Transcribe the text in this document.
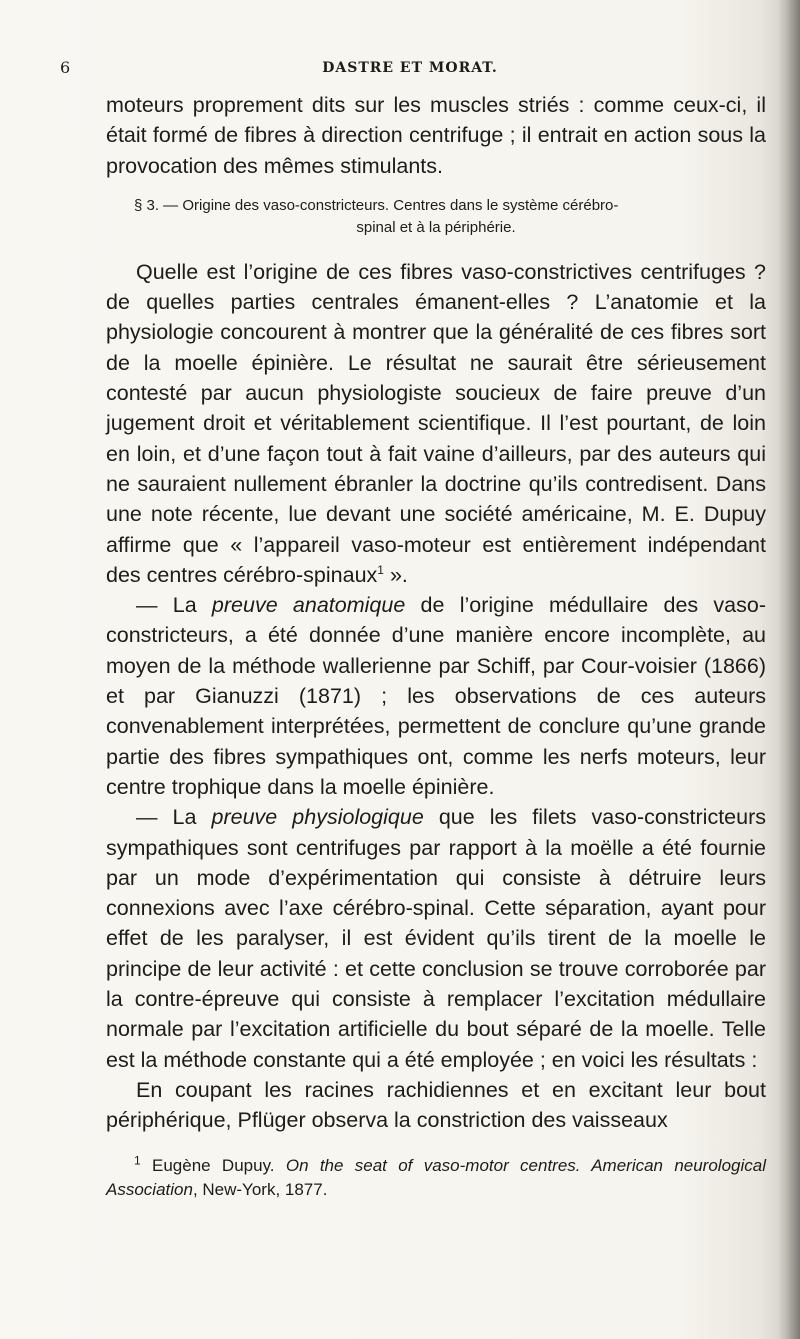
6	DASTRE ET MORAT.

moteurs proprement dits sur les muscles striés : comme ceux-ci, il était formé de fibres à direction centrifuge ; il entrait en action sous la provocation des mêmes stimulants.

§ 3. — Origine des vaso-constricteurs. Centres dans le système cérébro-
spinal et à la périphérie.

Quelle est l’origine de ces fibres vaso-constrictives centrifuges ? de quelles parties centrales émanent-elles ? L’anatomie et la physiologie concourent à montrer que la généralité de ces fibres sort de la moelle épinière. Le résultat ne saurait être sérieusement contesté par aucun physiologiste soucieux de faire preuve d’un jugement droit et véritablement scientifique. Il l’est pourtant, de loin en loin, et d’une façon tout à fait vaine d’ailleurs, par des auteurs qui ne sauraient nullement ébranler la doctrine qu’ils contredisent. Dans une note récente, lue devant une société américaine, M. E. Dupuy affirme que « l’appareil vaso-moteur est entièrement indépendant des centres cérébro-spinaux$^1$ ».

— La preuve anatomique de l’origine médullaire des vaso-constricteurs, a été donnée d’une manière encore incomplète, au moyen de la méthode wallerienne par Schiff, par Cour-voisier (1866) et par Gianuzzi (1871) ; les observations de ces auteurs convenablement interprétées, permettent de conclure qu’une grande partie des fibres sympathiques ont, comme les nerfs moteurs, leur centre trophique dans la moelle épinière.

— La preuve physiologique que les filets vaso-constricteurs sympathiques sont centrifuges par rapport à la moëlle a été fournie par un mode d’expérimentation qui consiste à détruire leurs connexions avec l’axe cérébro-spinal. Cette séparation, ayant pour effet de les paralyser, il est évident qu’ils tirent de la moelle le principe de leur activité : et cette conclusion se trouve corroborée par la contre-épreuve qui consiste à remplacer l’excitation médullaire normale par l’excitation artificielle du bout séparé de la moelle. Telle est la méthode constante qui a été employée ; en voici les résultats :

En coupant les racines rachidiennes et en excitant leur bout périphérique, Pflüger observa la constriction des vaisseaux

$^1$ Eugène Dupuy. On the seat of vaso-motor centres. American neurological Association, New-York, 1877.
